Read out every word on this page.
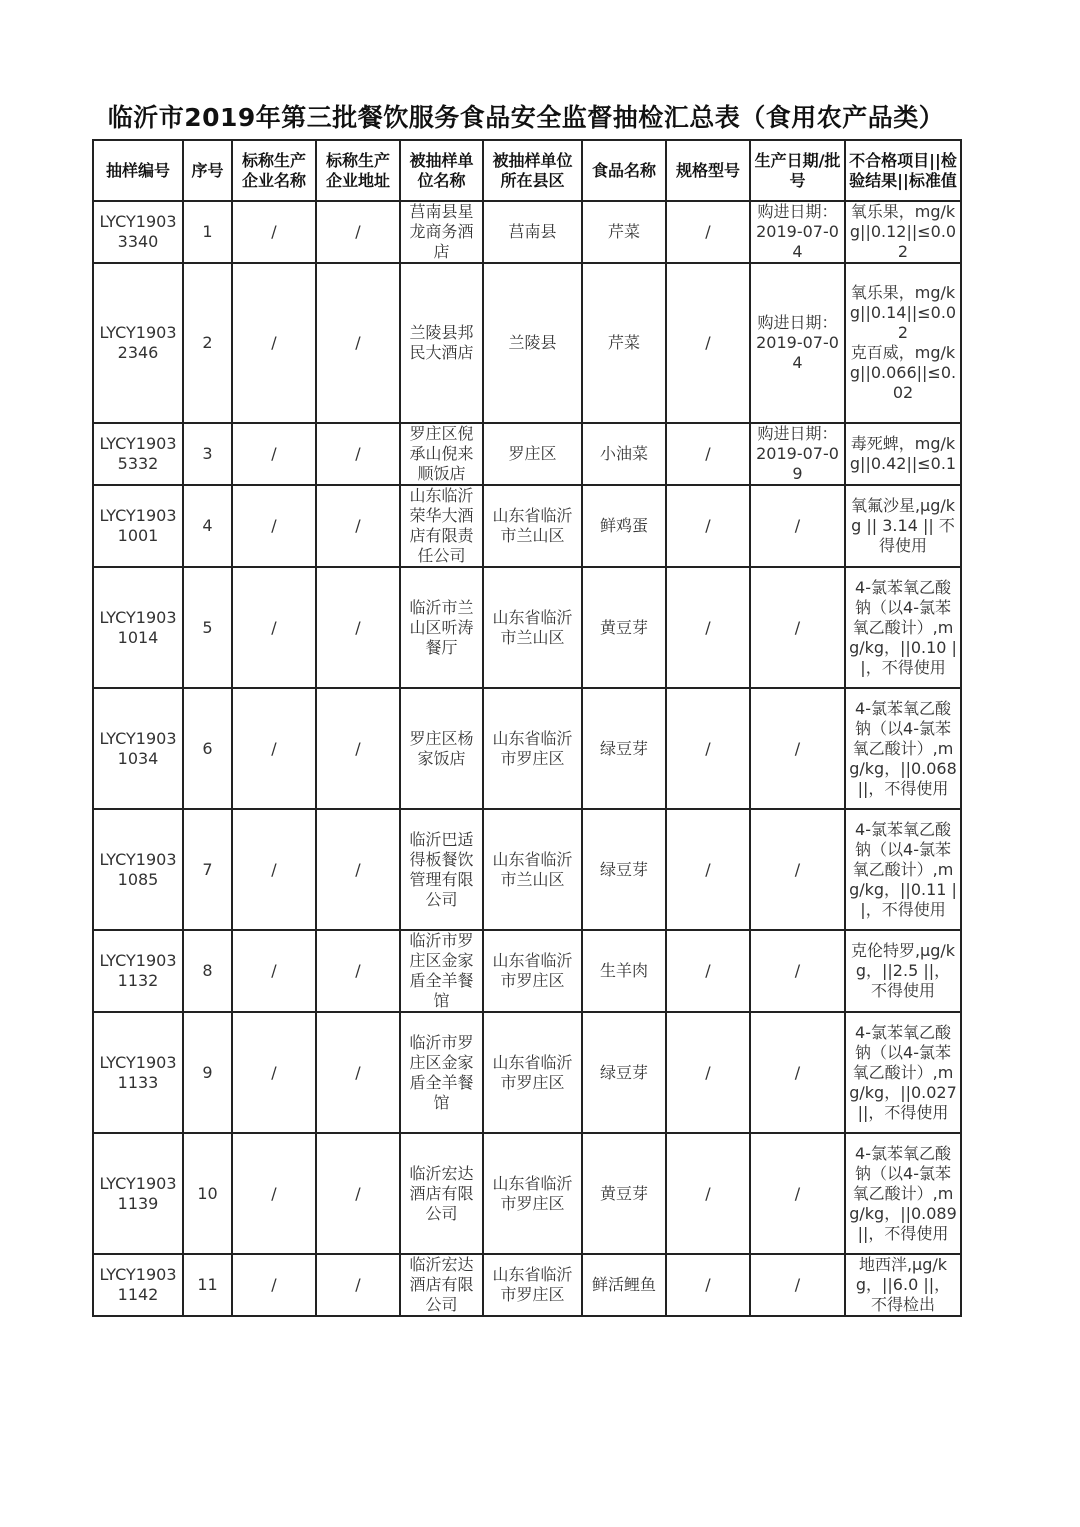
临沂市2019年第三批餐饮服务食品安全监督抽检汇总表（食用农产品类）
抽样编号	序号	标称生产企业名称	标称生产企业地址	被抽样单位名称	被抽样单位所在县区	食品名称	规格型号	生产日期/批号	不合格项目||检验结果||标准值

LYCY1903
3340	1	/	/	莒南县星龙商务酒店	莒南县	芹菜	/	购进日期：2019-07-04	氧乐果，mg/kg||0.12||≤0.02

LYCY1903
2346	2	/	/	兰陵县邦民大酒店	兰陵县	芹菜	/	购进日期：2019-07-04	氧乐果，mg/kg||0.14||≤0.02
克百威，mg/kg||0.066||≤0.02

LYCY1903
5332	3	/	/	罗庄区倪承山倪来顺饭店	罗庄区	小油菜	/	购进日期：2019-07-09	毒死蜱，mg/kg||0.42||≤0.1

LYCY1903
1001	4	/	/	山东临沂荣华大酒店有限责任公司	山东省临沂市兰山区	鲜鸡蛋	/	/	氧氟沙星,μg/kg || 3.14 || 不得使用

LYCY1903
1014	5	/	/	临沂市兰山区听涛餐厅	山东省临沂市兰山区	黄豆芽	/	/	4-氯苯氧乙酸钠（以4-氯苯氧乙酸计）,mg/kg，||0.10 ||，不得使用

LYCY1903
1034	6	/	/	罗庄区杨家饭店	山东省临沂市罗庄区	绿豆芽	/	/	4-氯苯氧乙酸钠（以4-氯苯氧乙酸计）,mg/kg，||0.068 ||，不得使用

LYCY1903
1085	7	/	/	临沂巴适得板餐饮管理有限公司	山东省临沂市兰山区	绿豆芽	/	/	4-氯苯氧乙酸钠（以4-氯苯氧乙酸计）,mg/kg，||0.11 ||，不得使用

LYCY1903
1132	8	/	/	临沂市罗庄区金家盾全羊餐馆	山东省临沂市罗庄区	生羊肉	/	/	克伦特罗,μg/kg，||2.5 ||，不得使用

LYCY1903
1133	9	/	/	临沂市罗庄区金家盾全羊餐馆	山东省临沂市罗庄区	绿豆芽	/	/	4-氯苯氧乙酸钠（以4-氯苯氧乙酸计）,mg/kg，||0.027 ||，不得使用

LYCY1903
1139	10	/	/	临沂宏达酒店有限公司	山东省临沂市罗庄区	黄豆芽	/	/	4-氯苯氧乙酸钠（以4-氯苯氧乙酸计）,mg/kg，||0.089||，不得使用

LYCY1903
1142	11	/	/	临沂宏达酒店有限公司	山东省临沂市罗庄区	鲜活鲤鱼	/	/	地西泮,μg/kg，||6.0 ||，不得检出
